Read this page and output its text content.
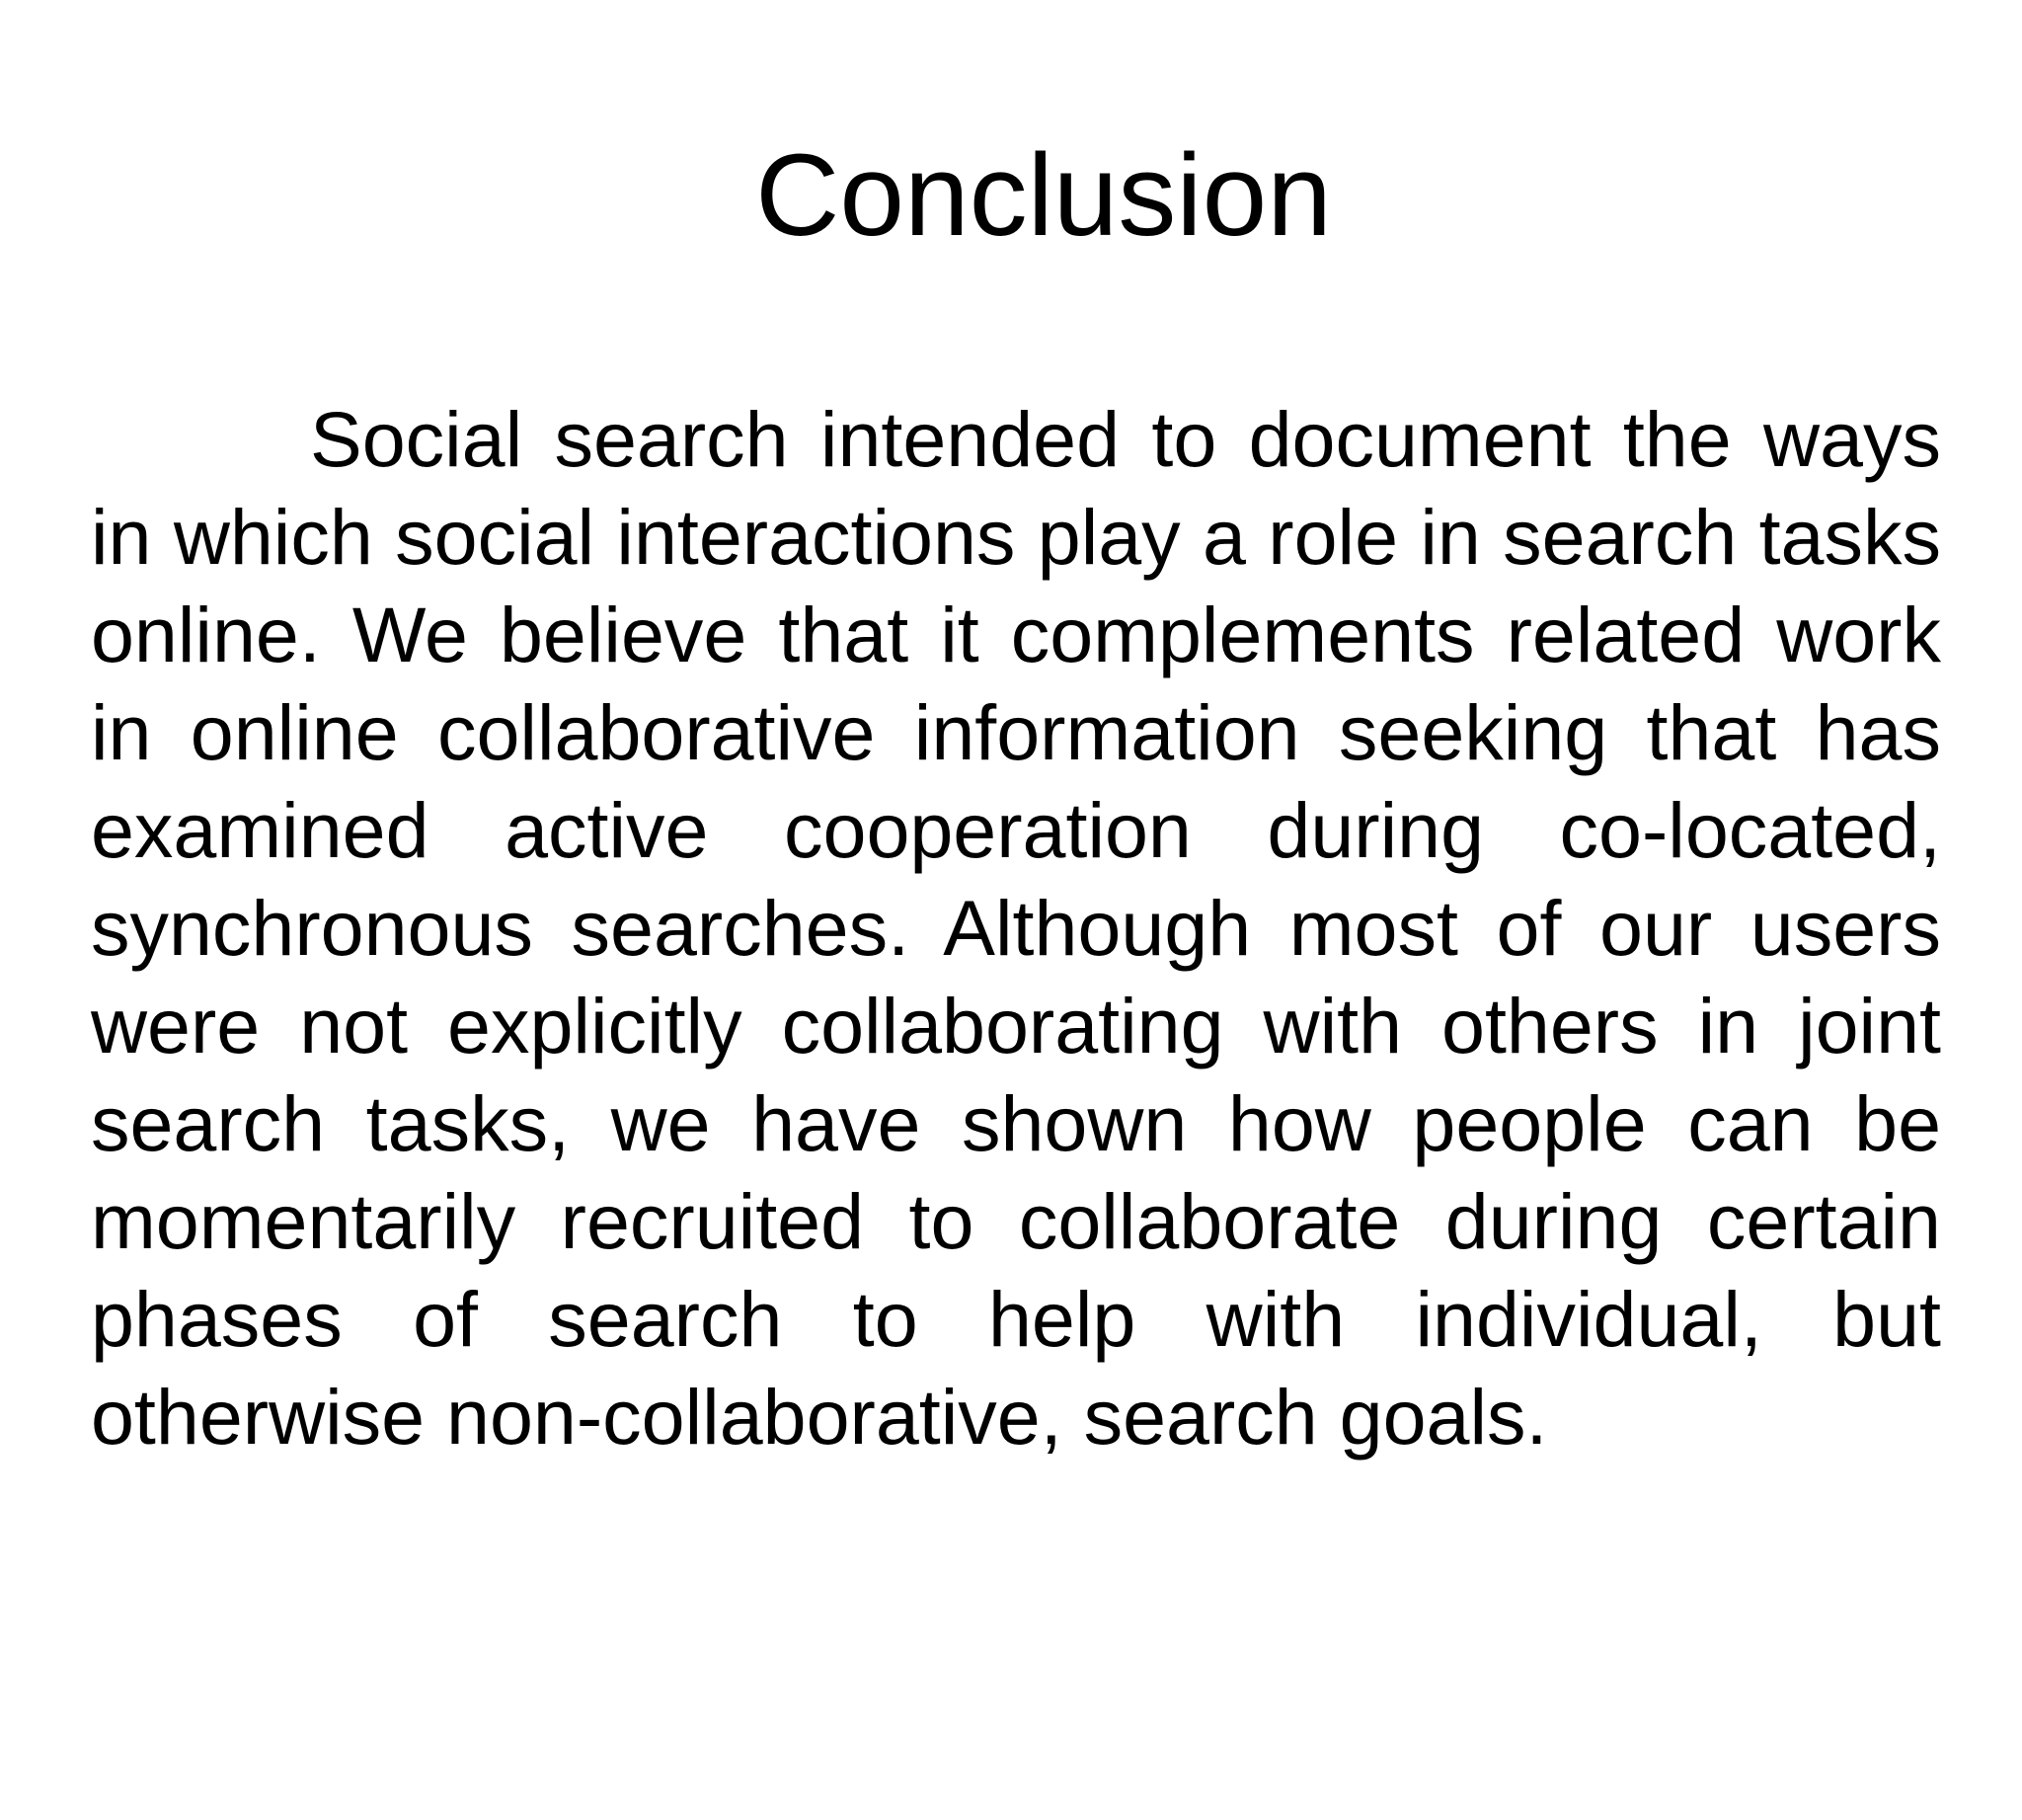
Conclusion

Social search intended to document the ways in which social interactions play a role in search tasks online. We believe that it complements related work in online collaborative information seeking that has examined active cooperation during co-located, synchronous searches. Although most of our users were not explicitly collaborating with others in joint search tasks, we have shown how people can be momentarily recruited to collaborate during certain phases of search to help with individual, but otherwise non-collaborative, search goals.
